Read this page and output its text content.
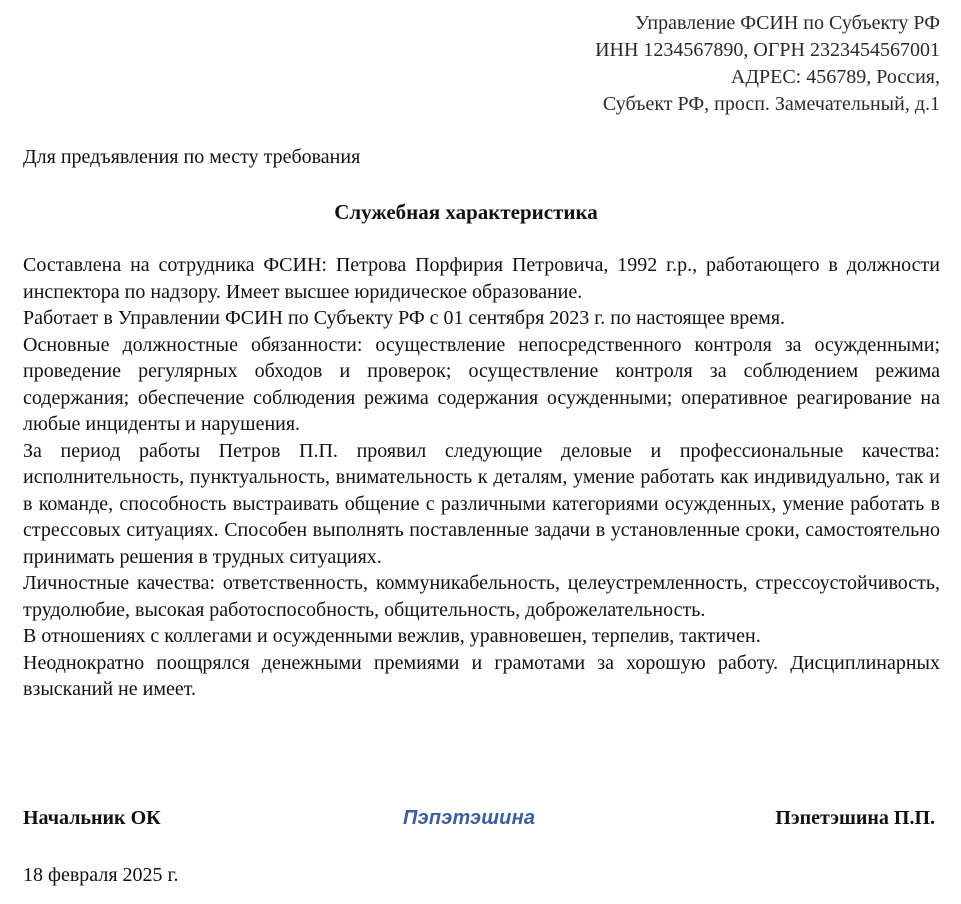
Управление ФСИН по Субъекту РФ
ИНН 1234567890, ОГРН 2323454567001
АДРЕС: 456789, Россия,
Субъект РФ, просп. Замечательный, д.1
Для предъявления по месту требования
Служебная характеристика

Составлена на сотрудника ФСИН: Петрова Порфирия Петровича, 1992 г.р., работающего в должности инспектора по надзору. Имеет высшее юридическое образование.

Работает в Управлении ФСИН по Субъекту РФ с 01 сентября 2023 г. по настоящее время.

Основные должностные обязанности: осуществление непосредственного контроля за осужденными; проведение регулярных обходов и проверок; осуществление контроля за соблюдением режима содержания; обеспечение соблюдения режима содержания осужденными; оперативное реагирование на любые инциденты и нарушения.

За период работы Петров П.П. проявил следующие деловые и профессиональные качества: исполнительность, пунктуальность, внимательность к деталям, умение работать как индивидуально, так и в команде, способность выстраивать общение с различными категориями осужденных, умение работать в стрессовых ситуациях. Способен выполнять поставленные задачи в установленные сроки, самостоятельно принимать решения в трудных ситуациях.

Личностные качества: ответственность, коммуникабельность, целеустремленность, стрессоустойчивость, трудолюбие, высокая работоспособность, общительность, доброжелательность.

В отношениях с коллегами и осужденными вежлив, уравновешен, терпелив, тактичен.

Неоднократно поощрялся денежными премиями и грамотами за хорошую работу. Дисциплинарных взысканий не имеет.

Начальник ОК	Пэпэтэшина	Пэпетэшина П.П.
18 февраля 2025 г.
